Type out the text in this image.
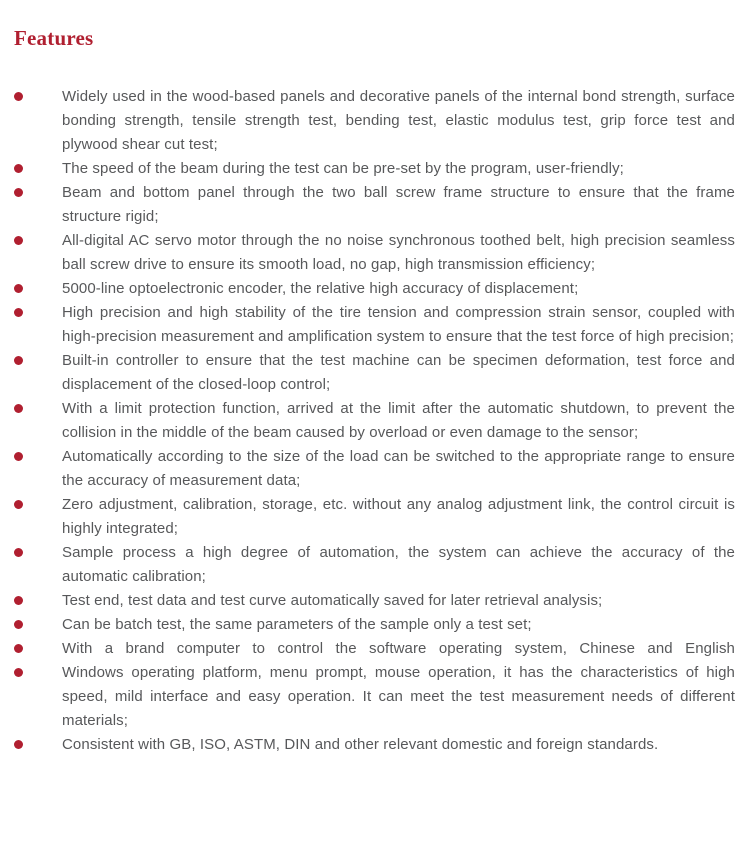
Features

Widely used in the wood-based panels and decorative panels of the internal bond strength, surface bonding strength, tensile strength test, bending test, elastic modulus test, grip force test and plywood shear cut test;

The speed of the beam during the test can be pre-set by the program, user-friendly;

Beam and bottom panel through the two ball screw frame structure to ensure that the frame structure rigid;

All-digital AC servo motor through the no noise synchronous toothed belt, high precision seamless ball screw drive to ensure its smooth load, no gap, high transmission efficiency;

5000-line optoelectronic encoder, the relative high accuracy of displacement;

High precision and high stability of the tire tension and compression strain sensor, coupled with high-precision measurement and amplification system to ensure that the test force of high precision;

Built-in controller to ensure that the test machine can be specimen deformation, test force and displacement of the closed-loop control;

With a limit protection function, arrived at the limit after the automatic shutdown, to prevent the collision in the middle of the beam caused by overload or even damage to the sensor;

Automatically according to the size of the load can be switched to the appropriate range to ensure the accuracy of measurement data;

Zero adjustment, calibration, storage, etc. without any analog adjustment link, the control circuit is highly integrated;

Sample process a high degree of automation, the system can achieve the accuracy of the automatic calibration;

Test end, test data and test curve automatically saved for later retrieval analysis;

Can be batch test, the same parameters of the sample only a test set;

With a brand computer to control the software operating system, Chinese and English

Windows operating platform, menu prompt, mouse operation, it has the characteristics of high speed, mild interface and easy operation. It can meet the test measurement needs of different materials;

Consistent with GB, ISO, ASTM, DIN and other relevant domestic and foreign standards.
